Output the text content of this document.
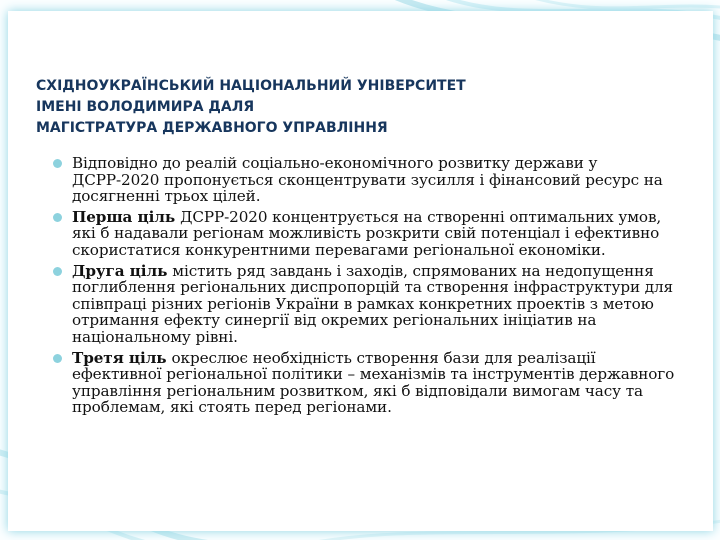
СХІДНОУКРАЇНСЬКИЙ НАЦІОНАЛЬНИЙ УНІВЕРСИТЕТ
ІМЕНІ ВОЛОДИМИРА ДАЛЯ
МАГІСТРАТУРА ДЕРЖАВНОГО УПРАВЛІННЯ
Відповідно до реалій соціально-економічного розвитку держави у ДСРР-2020 пропонується сконцентрувати зусилля і фінансовий ресурс на досягненні трьох цілей.
Перша ціль ДСРР-2020 концентрується на створенні оптимальних умов, які б надавали регіонам можливість розкрити свій потенціал і ефективно скористатися конкурентними перевагами регіональної економіки.
Друга ціль містить ряд завдань і заходів, спрямованих на недопущення поглиблення регіональних диспропорцій та створення інфраструктури для співпраці різних регіонів України в рамках конкретних проектів з метою отримання ефекту синергії від окремих регіональних ініціатив на національному рівні.
Третя ціль окреслює необхідність створення бази для реалізації ефективної регіональної політики – механізмів та інструментів державного управління регіональним розвитком, які б відповідали вимогам часу та проблемам, які стоять перед регіонами.
